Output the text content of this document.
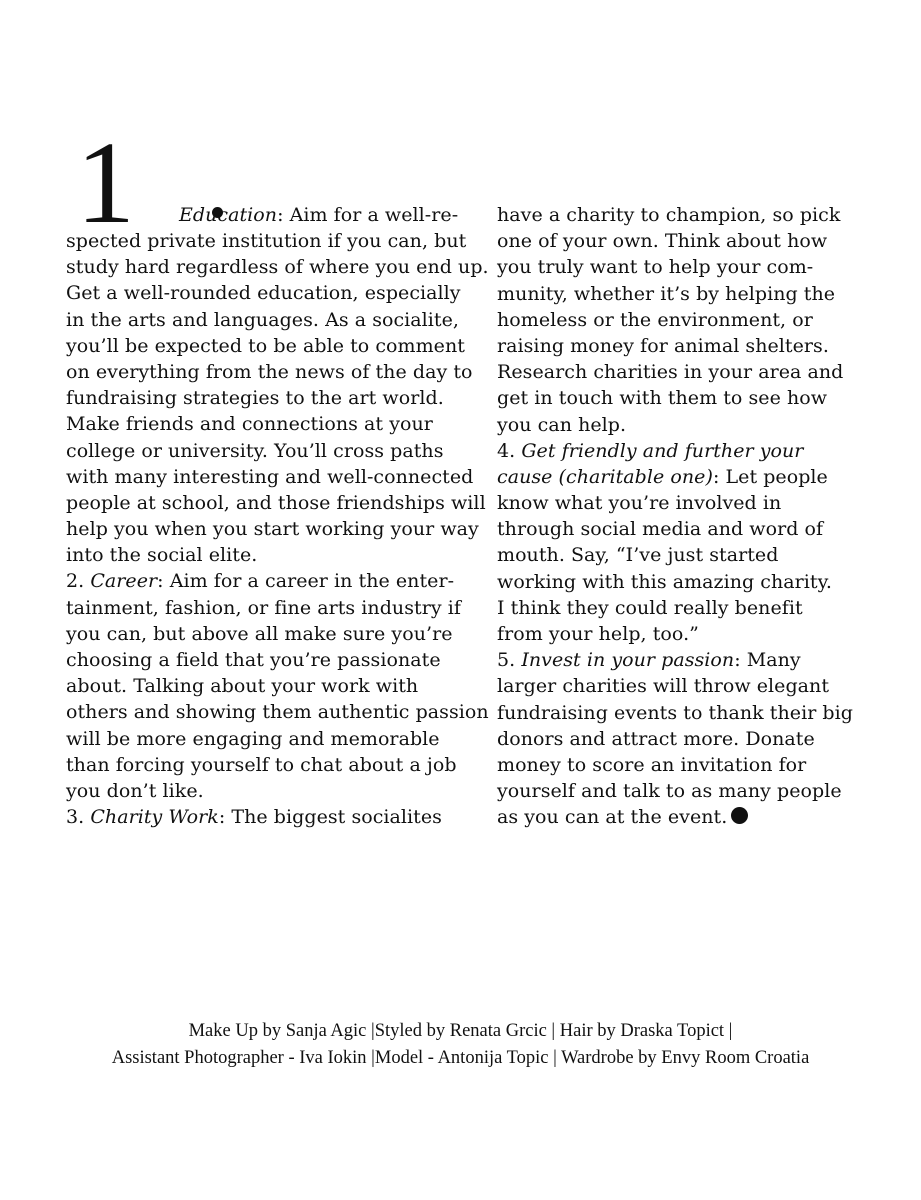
1 Education: Aim for a well-re-
spected private institution if you can, but
study hard regardless of where you end up.
Get a well-rounded education, especially
in the arts and languages. As a socialite,
you’ll be expected to be able to comment
on everything from the news of the day to
fundraising strategies to the art world.
Make friends and connections at your
college or university. You’ll cross paths
with many interesting and well-connected
people at school, and those friendships will
help you when you start working your way
into the social elite.
2. Career: Aim for a career in the enter-
tainment, fashion, or fine arts industry if
you can, but above all make sure you’re
choosing a field that you’re passionate
about. Talking about your work with
others and showing them authentic passion
will be more engaging and memorable
than forcing yourself to chat about a job
you don’t like.
3. Charity Work: The biggest socialites
have a charity to champion, so pick
one of your own. Think about how
you truly want to help your com-
munity, whether it’s by helping the
homeless or the environment, or
raising money for animal shelters.
Research charities in your area and
get in touch with them to see how
you can help.
4. Get friendly and further your
cause (charitable one): Let people
know what you’re involved in
through social media and word of
mouth. Say, “I’ve just started
working with this amazing charity.
I think they could really benefit
from your help, too.”
5. Invest in your passion: Many
larger charities will throw elegant
fundraising events to thank their big
donors and attract more. Donate
money to score an invitation for
yourself and talk to as many people
as you can at the event.
Make Up by Sanja Agic |Styled by Renata Grcic | Hair by Draska Topict |
Assistant Photographer - Iva Iokin |Model - Antonija Topic | Wardrobe by Envy Room Croatia
